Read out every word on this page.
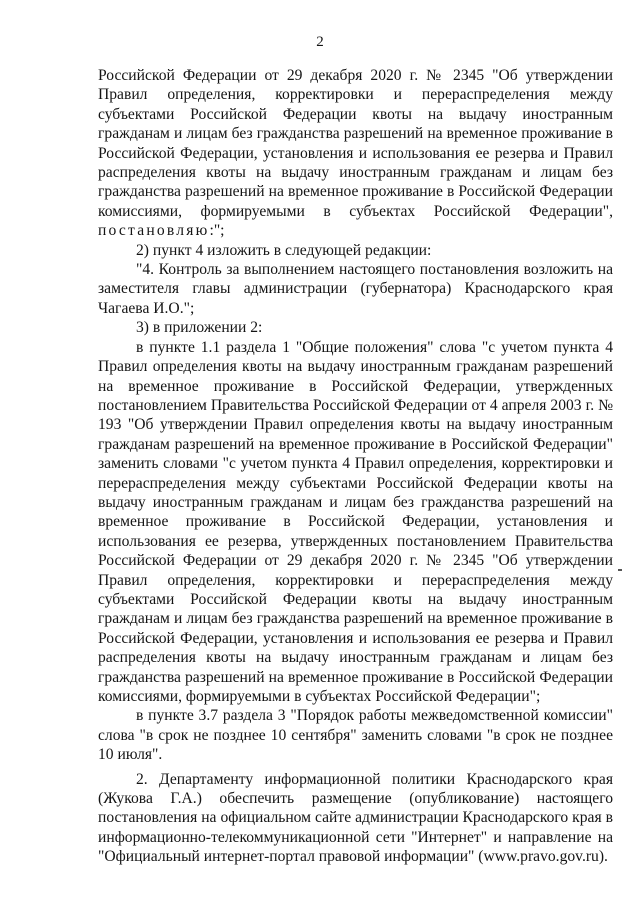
2

Российской Федерации от 29 декабря 2020 г. № 2345 "Об утверждении Правил определения, корректировки и перераспределения между субъектами Российской Федерации квоты на выдачу иностранным гражданам и лицам без гражданства разрешений на временное проживание в Российской Федерации, установления и использования ее резерва и Правил распределения квоты на выдачу иностранным гражданам и лицам без гражданства разрешений на временное проживание в Российской Федерации комиссиями, формируемыми в субъектах Российской Федерации", постановляю:";

2) пункт 4 изложить в следующей редакции:

"4. Контроль за выполнением настоящего постановления возложить на заместителя главы администрации (губернатора) Краснодарского края Чагаева И.О.";

3) в приложении 2:

в пункте 1.1 раздела 1 "Общие положения" слова "с учетом пункта 4 Правил определения квоты на выдачу иностранным гражданам разрешений на временное проживание в Российской Федерации, утвержденных постановлением Правительства Российской Федерации от 4 апреля 2003 г. № 193 "Об утверждении Правил определения квоты на выдачу иностранным гражданам разрешений на временное проживание в Российской Федерации" заменить словами "с учетом пункта 4 Правил определения, корректировки и перераспределения между субъектами Российской Федерации квоты на выдачу иностранным гражданам и лицам без гражданства разрешений на временное проживание в Российской Федерации, установления и использования ее резерва, утвержденных постановлением Правительства Российской Федерации от 29 декабря 2020 г. № 2345 "Об утверждении Правил определения, корректировки и перераспределения между субъектами Российской Федерации квоты на выдачу иностранным гражданам и лицам без гражданства разрешений на временное проживание в Российской Федерации, установления и использования ее резерва и Правил распределения квоты на выдачу иностранным гражданам и лицам без гражданства разрешений на временное проживание в Российской Федерации комиссиями, формируемыми в субъектах Российской Федерации";

в пункте 3.7 раздела 3 "Порядок работы межведомственной комиссии" слова "в срок не позднее 10 сентября" заменить словами "в срок не позднее 10 июля".

2. Департаменту информационной политики Краснодарского края (Жукова Г.А.) обеспечить размещение (опубликование) настоящего постановления на официальном сайте администрации Краснодарского края в информационно-телекоммуникационной сети "Интернет" и направление на "Официальный интернет-портал правовой информации" (www.pravo.gov.ru).
